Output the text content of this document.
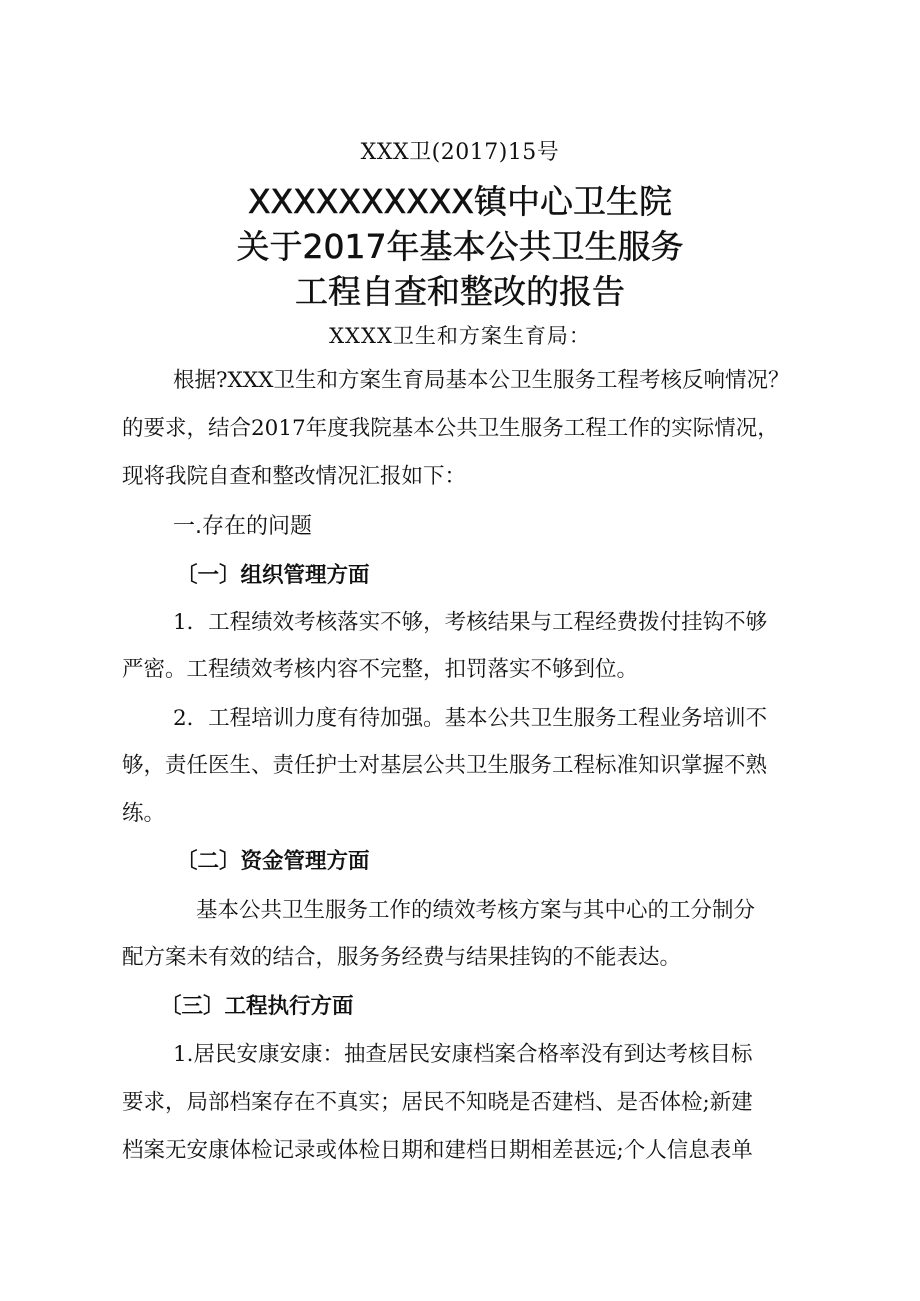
XXX卫(2017)15号
XXXXXXXXXX镇中心卫生院
关于2017年基本公共卫生服务
工程自查和整改的报告
XXXX卫生和方案生育局：
根据?XXX卫生和方案生育局基本公卫生服务工程考核反响情况？
的要求，结合2017年度我院基本公共卫生服务工程工作的实际情况，
现将我院自查和整改情况汇报如下：
一.存在的问题
〔一〕组织管理方面
1．工程绩效考核落实不够，考核结果与工程经费拨付挂钩不够
严密。工程绩效考核内容不完整，扣罚落实不够到位。
2．工程培训力度有待加强。基本公共卫生服务工程业务培训不
够，责任医生、责任护士对基层公共卫生服务工程标准知识掌握不熟
练。
〔二〕资金管理方面
基本公共卫生服务工作的绩效考核方案与其中心的工分制分
配方案未有效的结合，服务务经费与结果挂钩的不能表达。
〔三〕工程执行方面
1.居民安康安康：抽查居民安康档案合格率没有到达考核目标
要求，局部档案存在不真实；居民不知晓是否建档、是否体检;新建
档案无安康体检记录或体检日期和建档日期相差甚远;个人信息表单
